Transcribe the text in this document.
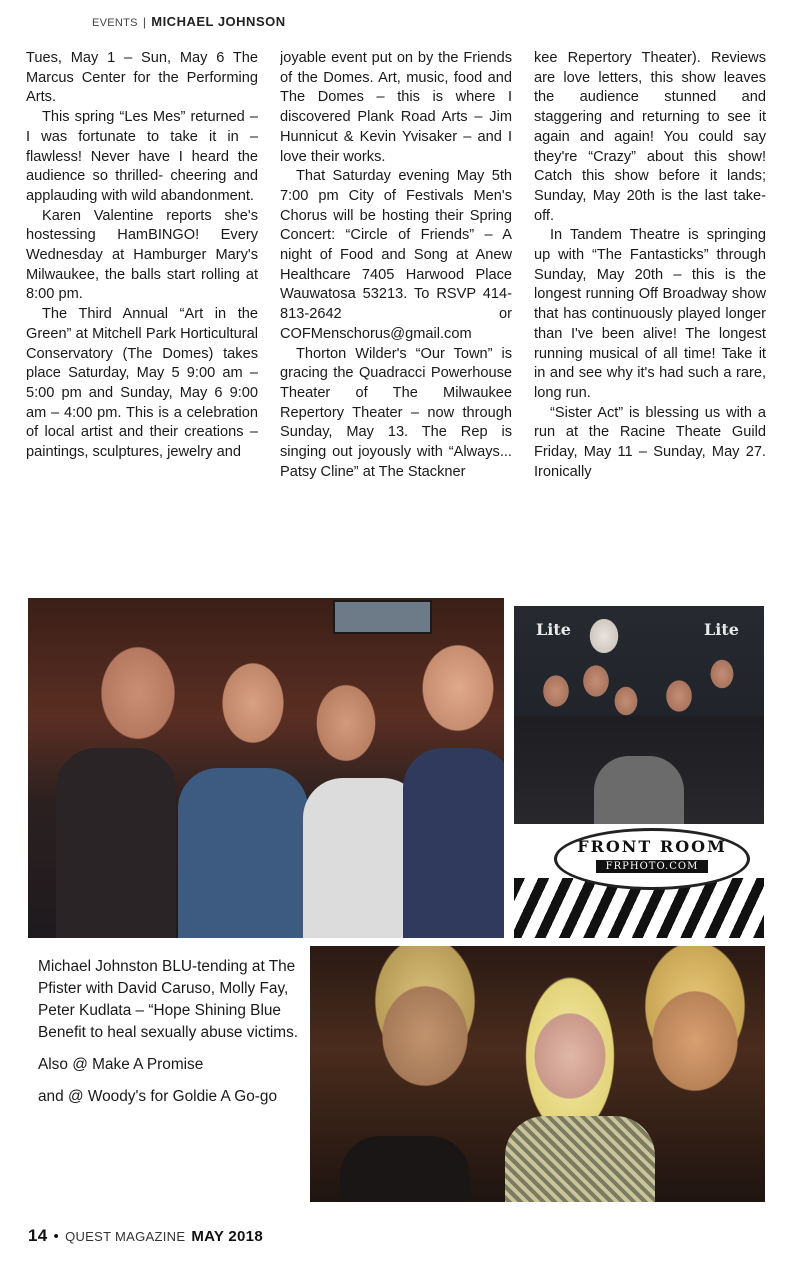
EVENTS | MICHAEL JOHNSON

Tues, May 1 – Sun, May 6 The Marcus Center for the Performing Arts.

This spring “Les Mes” returned – I was fortunate to take it in – flawless! Never have I heard the audience so thrilled- cheering and applauding with wild abandonment.

Karen Valentine reports she's hostessing HamBINGO! Every Wednesday at Hamburger Mary's Milwaukee, the balls start rolling at 8:00 pm.

The Third Annual “Art in the Green” at Mitchell Park Horticultural Conservatory (The Domes) takes place Saturday, May 5 9:00 am – 5:00 pm and Sunday, May 6 9:00 am – 4:00 pm. This is a celebration of local artist and their creations – paintings, sculptures, jewelry and

joyable event put on by the Friends of the Domes. Art, music, food and The Domes – this is where I discovered Plank Road Arts – Jim Hunnicut & Kevin Yvisaker – and I love their works.

That Saturday evening May 5th 7:00 pm City of Festivals Men's Chorus will be hosting their Spring Concert: “Circle of Friends” – A night of Food and Song at Anew Healthcare 7405 Harwood Place Wauwatosa 53213. To RSVP 414-813-2642 or COFMenschorus@gmail.com

Thorton Wilder's “Our Town” is gracing the Quadracci Powerhouse Theater of The Milwaukee Repertory Theater – now through Sunday, May 13. The Rep is singing out joyously with “Always... Patsy Cline” at The Stackner

kee Repertory Theater). Reviews are love letters, this show leaves the audience stunned and staggering and returning to see it again and again! You could say they're “Crazy” about this show! Catch this show before it lands; Sunday, May 20th is the last take-off.

In Tandem Theatre is springing up with “The Fantasticks” through Sunday, May 20th – this is the longest running Off Broadway show that has continuously played longer than I've been alive! The longest running musical of all time! Take it in and see why it's had such a rare, long run.

“Sister Act” is blessing us with a run at the Racine Theate Guild Friday, May 11 – Sunday, May 27. Ironically

Lite	Lite
FRONT ROOM
FRPHOTO.COM

Michael Johnston BLU-tending at The Pfister with David Caruso, Molly Fay, Peter Kudlata – “Hope Shining Blue Benefit to heal sexually abuse victims.

Also @ Make A Promise

and @ Woody's for Goldie A Go-go

14 • QUEST MAGAZINE MAY 2018
